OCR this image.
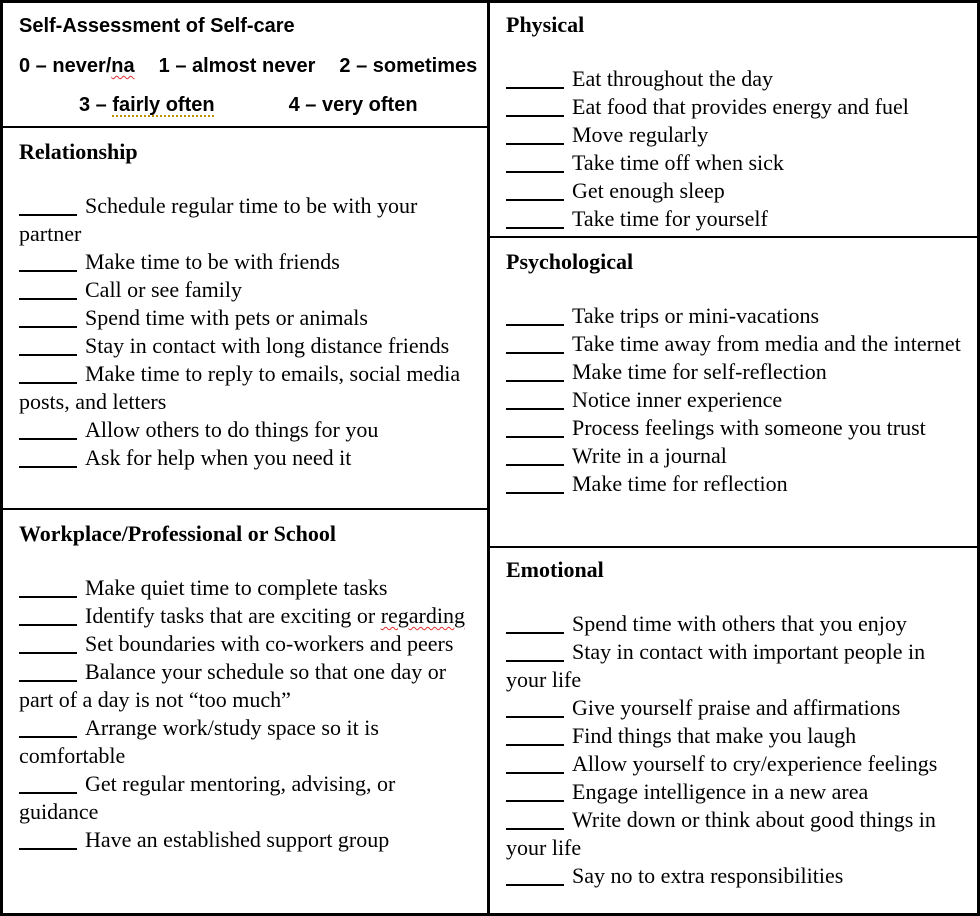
Self-Assessment of Self-care
0 – never/na 1 – almost never 2 – sometimes
3 – fairly often	4 – very often
Relationship
Schedule regular time to be with your partner
Make time to be with friends
Call or see family
Spend time with pets or animals
Stay in contact with long distance friends
Make time to reply to emails, social media posts, and letters
Allow others to do things for you
Ask for help when you need it
Workplace/Professional or School
Make quiet time to complete tasks
Identify tasks that are exciting or regarding
Set boundaries with co-workers and peers
Balance your schedule so that one day or part of a day is not “too much”
Arrange work/study space so it is comfortable
Get regular mentoring, advising, or guidance
Have an established support group
Physical
Eat throughout the day
Eat food that provides energy and fuel
Move regularly
Take time off when sick
Get enough sleep
Take time for yourself
Psychological
Take trips or mini-vacations
Take time away from media and the internet
Make time for self-reflection
Notice inner experience
Process feelings with someone you trust
Write in a journal
Make time for reflection
Emotional
Spend time with others that you enjoy
Stay in contact with important people in your life
Give yourself praise and affirmations
Find things that make you laugh
Allow yourself to cry/experience feelings
Engage intelligence in a new area
Write down or think about good things in your life
Say no to extra responsibilities
